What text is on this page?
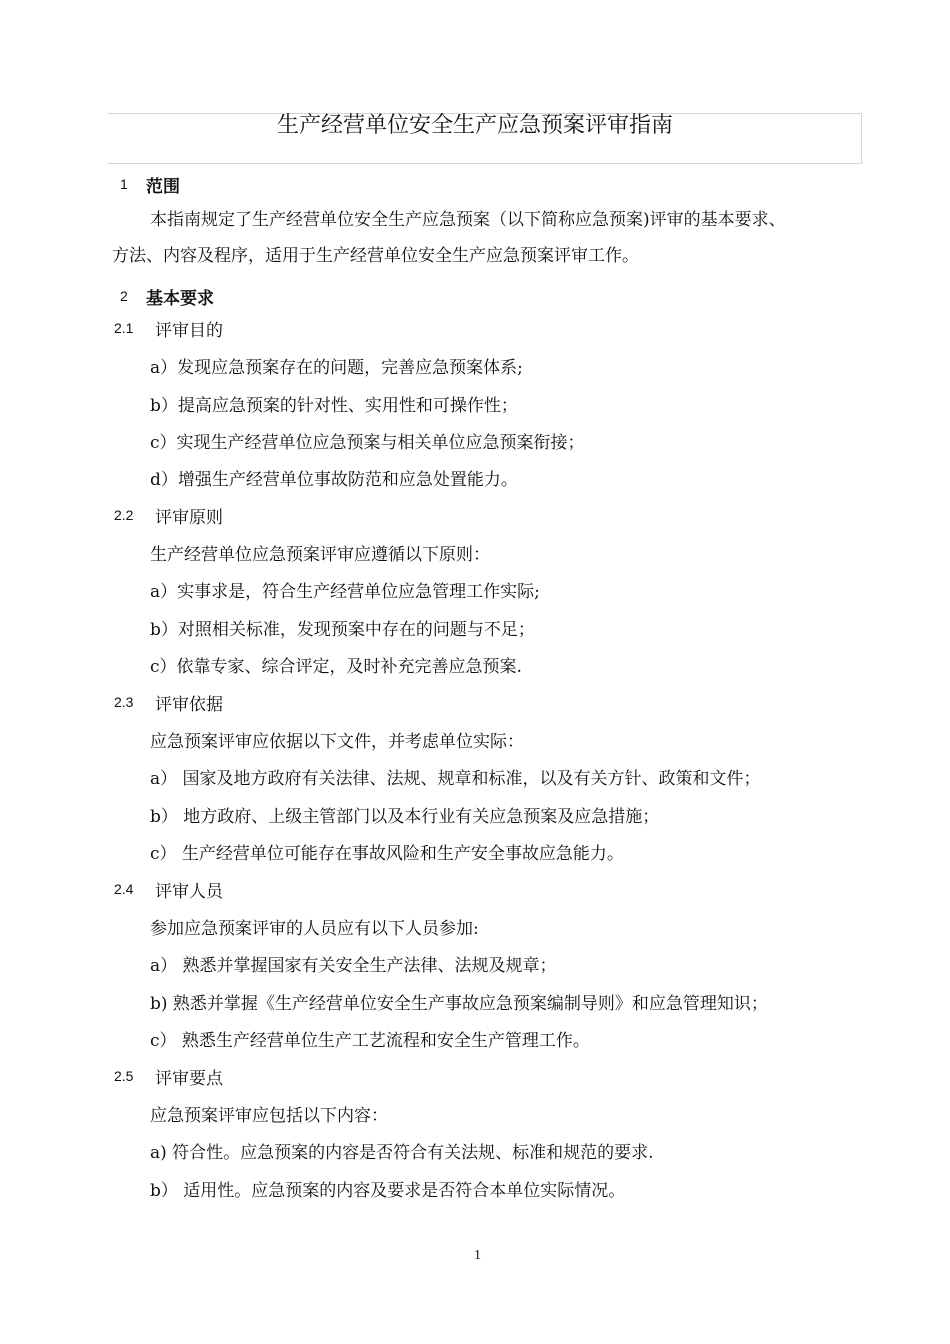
生产经营单位安全生产应急预案评审指南
1 范围
本指南规定了生产经营单位安全生产应急预案（以下简称应急预案)评审的基本要求、
方法、内容及程序，适用于生产经营单位安全生产应急预案评审工作。
2 基本要求
2.1 评审目的
a）发现应急预案存在的问题，完善应急预案体系;
b）提高应急预案的针对性、实用性和可操作性；
c）实现生产经营单位应急预案与相关单位应急预案衔接；
d）增强生产经营单位事故防范和应急处置能力。
2.2 评审原则
生产经营单位应急预案评审应遵循以下原则：
a）实事求是，符合生产经营单位应急管理工作实际;
b）对照相关标准，发现预案中存在的问题与不足；
c）依靠专家、综合评定，及时补充完善应急预案.
2.3 评审依据
应急预案评审应依据以下文件，并考虑单位实际：
a） 国家及地方政府有关法律、法规、规章和标准，以及有关方针、政策和文件；
b） 地方政府、上级主管部门以及本行业有关应急预案及应急措施；
c） 生产经营单位可能存在事故风险和生产安全事故应急能力。
2.4 评审人员
参加应急预案评审的人员应有以下人员参加:
a） 熟悉并掌握国家有关安全生产法律、法规及规章；
b) 熟悉并掌握《生产经营单位安全生产事故应急预案编制导则》和应急管理知识；
c） 熟悉生产经营单位生产工艺流程和安全生产管理工作。
2.5 评审要点
应急预案评审应包括以下内容：
a) 符合性。应急预案的内容是否符合有关法规、标准和规范的要求.
b） 适用性。应急预案的内容及要求是否符合本单位实际情况。
1
